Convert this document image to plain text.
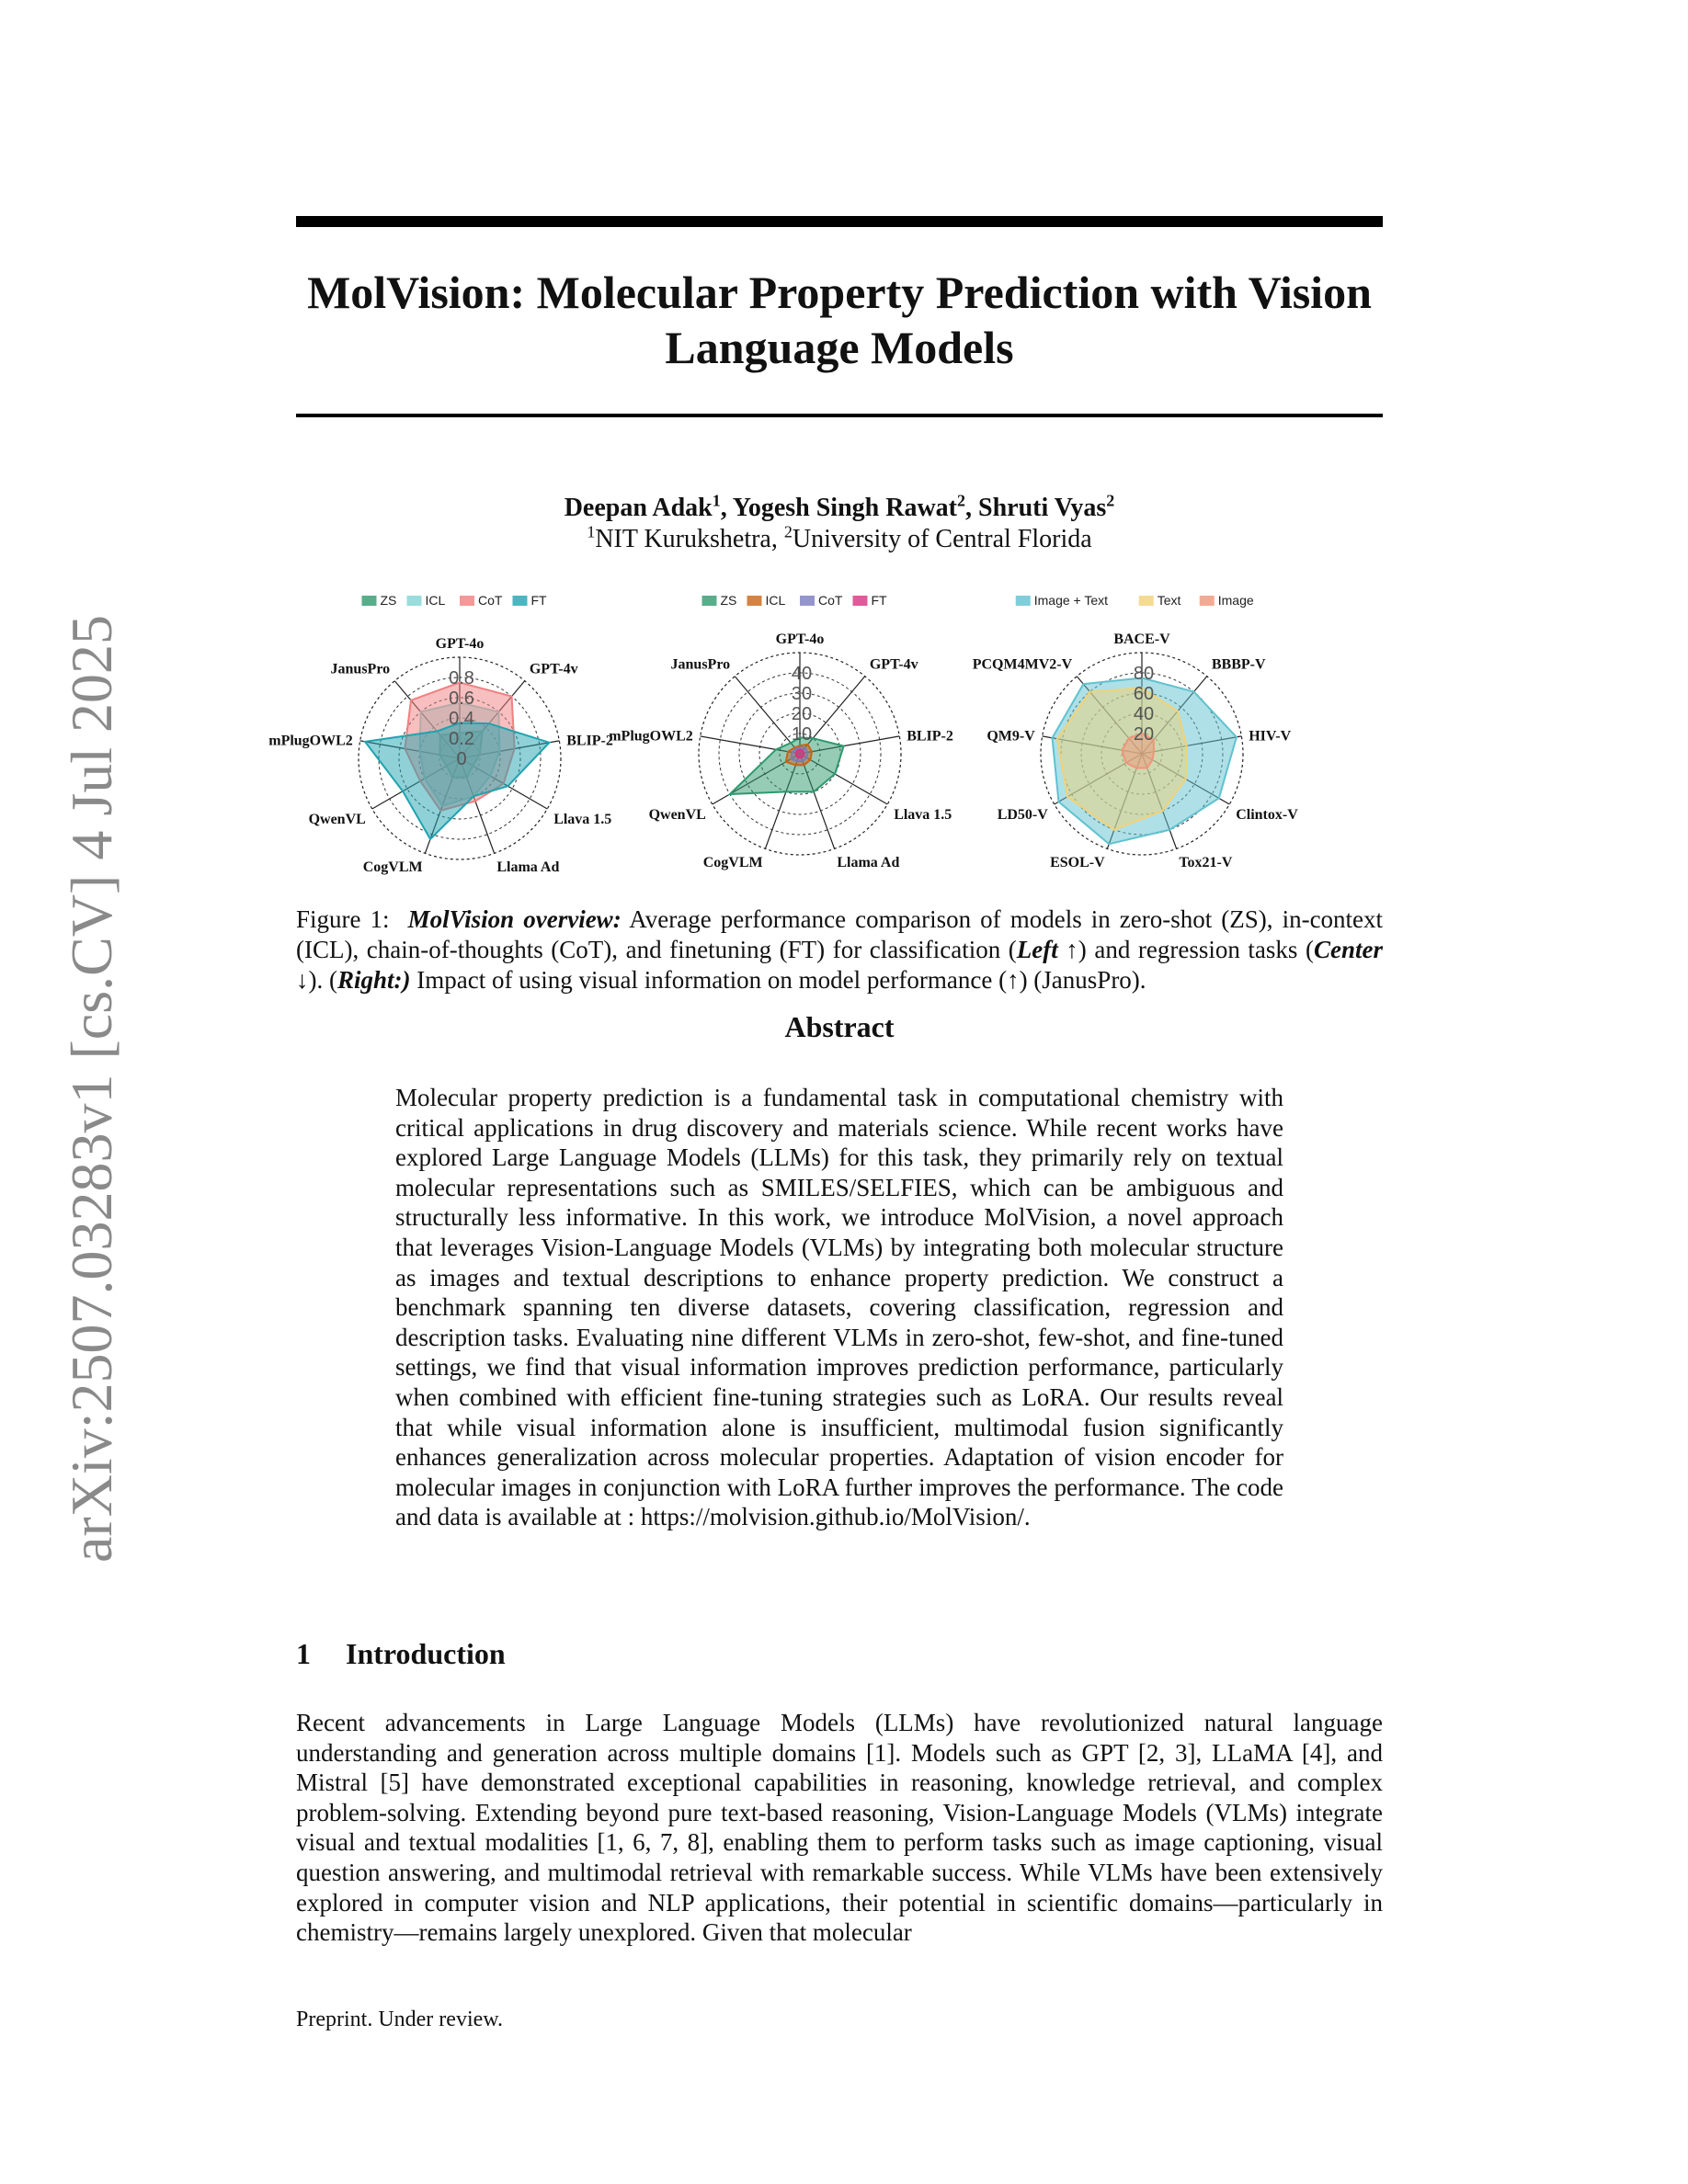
arXiv:2507.03283v1 [cs.CV] 4 Jul 2025
MolVision: Molecular Property Prediction with Vision
Language Models
Deepan Adak$^1$, Yogesh Singh Rawat$^2$, Shruti Vyas$^2$
$^1$NIT Kurukshetra, $^2$University of Central Florida
0
0.2
0.4
0.6
0.8
GPT-4o
GPT-4v
BLIP-2
Llava 1.5
Llama Ad
CogVLM
QwenVL
mPlugOWL2
JanusPro
ZS ICL	CoT FT
10
20
30
40
GPT-4o
GPT-4v
BLIP-2
Llava 1.5
Llama Ad
CogVLM
QwenVL
mPlugOWL2
JanusPro
ZS ICL	CoT FT
20
40
60
80
BACE-V
BBBP-V
HIV-V
Clintox-V
Tox21-V
ESOL-V
LD50-V
QM9-V
PCQM4MV2-V
Image + Text	Text	Image
Figure 1: MolVision overview: Average performance comparison of models in zero-shot (ZS), in-context (ICL), chain-of-thoughts (CoT), and finetuning (FT) for classification (Left ↑) and regression tasks (Center ↓). (Right:) Impact of using visual information on model performance (↑) (JanusPro).
Abstract
Molecular property prediction is a fundamental task in computational chemistry with critical applications in drug discovery and materials science. While recent works have explored Large Language Models (LLMs) for this task, they primarily rely on textual molecular representations such as SMILES/SELFIES, which can be ambiguous and structurally less informative. In this work, we introduce MolVision, a novel approach that leverages Vision-Language Models (VLMs) by integrating both molecular structure as images and textual descriptions to enhance property prediction. We construct a benchmark spanning ten diverse datasets, covering classification, regression and description tasks. Evaluating nine different VLMs in zero-shot, few-shot, and fine-tuned settings, we find that visual information improves prediction performance, particularly when combined with efficient fine-tuning strategies such as LoRA. Our results reveal that while visual information alone is insufficient, multimodal fusion significantly enhances generalization across molecular properties. Adaptation of vision encoder for molecular images in conjunction with LoRA further improves the performance. The code and data is available at : https://molvision.github.io/MolVision/.
1 Introduction
Recent advancements in Large Language Models (LLMs) have revolutionized natural language understanding and generation across multiple domains [1]. Models such as GPT [2, 3], LLaMA [4], and Mistral [5] have demonstrated exceptional capabilities in reasoning, knowledge retrieval, and complex problem-solving. Extending beyond pure text-based reasoning, Vision-Language Models (VLMs) integrate visual and textual modalities [1, 6, 7, 8], enabling them to perform tasks such as image captioning, visual question answering, and multimodal retrieval with remarkable success. While VLMs have been extensively explored in computer vision and NLP applications, their potential in scientific domains—particularly in chemistry—remains largely unexplored. Given that molecular
Preprint. Under review.
